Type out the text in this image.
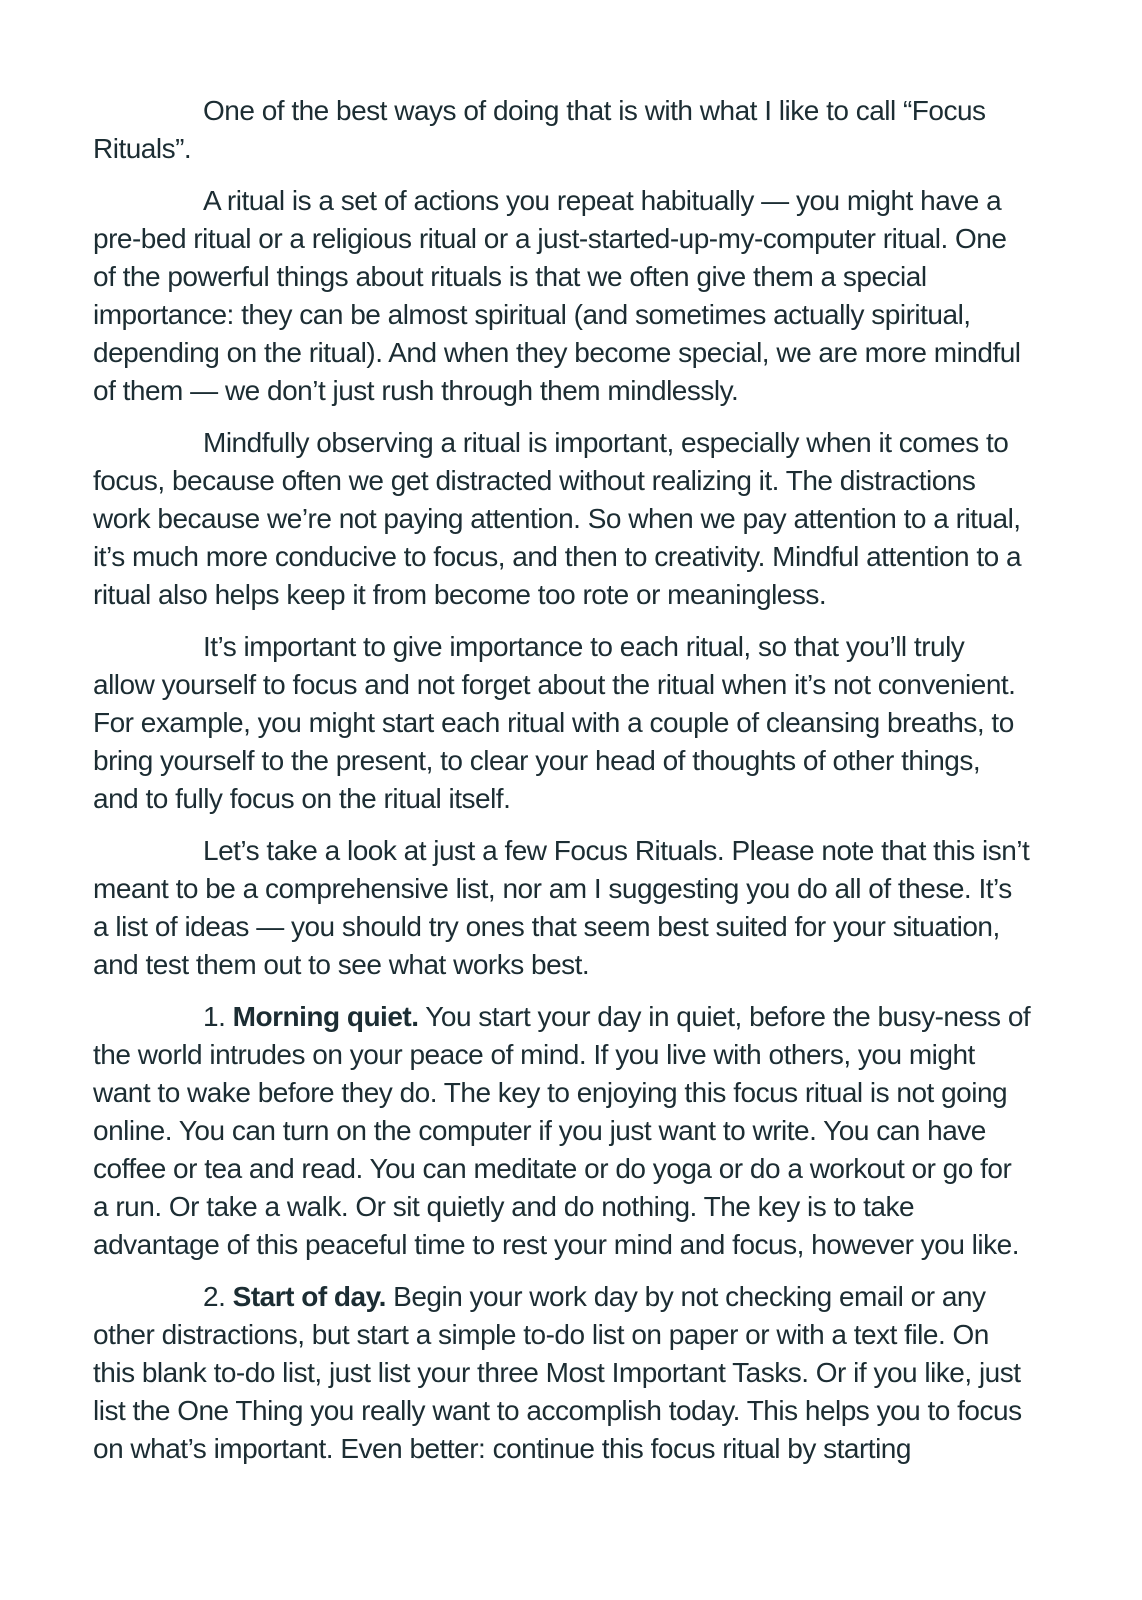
One of the best ways of doing that is with what I like to call “Focus
Rituals”.
A ritual is a set of actions you repeat habitually — you might have a
pre-bed ritual or a religious ritual or a just-started-up-my-computer ritual. One
of the powerful things about rituals is that we often give them a special
importance: they can be almost spiritual (and sometimes actually spiritual,
depending on the ritual). And when they become special, we are more mindful
of them — we don’t just rush through them mindlessly.
Mindfully observing a ritual is important, especially when it comes to
focus, because often we get distracted without realizing it. The distractions
work because we’re not paying attention. So when we pay attention to a ritual,
it’s much more conducive to focus, and then to creativity. Mindful attention to a
ritual also helps keep it from become too rote or meaningless.
It’s important to give importance to each ritual, so that you’ll truly
allow yourself to focus and not forget about the ritual when it’s not convenient.
For example, you might start each ritual with a couple of cleansing breaths, to
bring yourself to the present, to clear your head of thoughts of other things,
and to fully focus on the ritual itself.
Let’s take a look at just a few Focus Rituals. Please note that this isn’t
meant to be a comprehensive list, nor am I suggesting you do all of these. It’s
a list of ideas — you should try ones that seem best suited for your situation,
and test them out to see what works best.
1. Morning quiet. You start your day in quiet, before the busy-ness of
the world intrudes on your peace of mind. If you live with others, you might
want to wake before they do. The key to enjoying this focus ritual is not going
online. You can turn on the computer if you just want to write. You can have
coffee or tea and read. You can meditate or do yoga or do a workout or go for
a run. Or take a walk. Or sit quietly and do nothing. The key is to take
advantage of this peaceful time to rest your mind and focus, however you like.
2. Start of day. Begin your work day by not checking email or any
other distractions, but start a simple to-do list on paper or with a text file. On
this blank to-do list, just list your three Most Important Tasks. Or if you like, just
list the One Thing you really want to accomplish today. This helps you to focus
on what’s important. Even better: continue this focus ritual by starting
